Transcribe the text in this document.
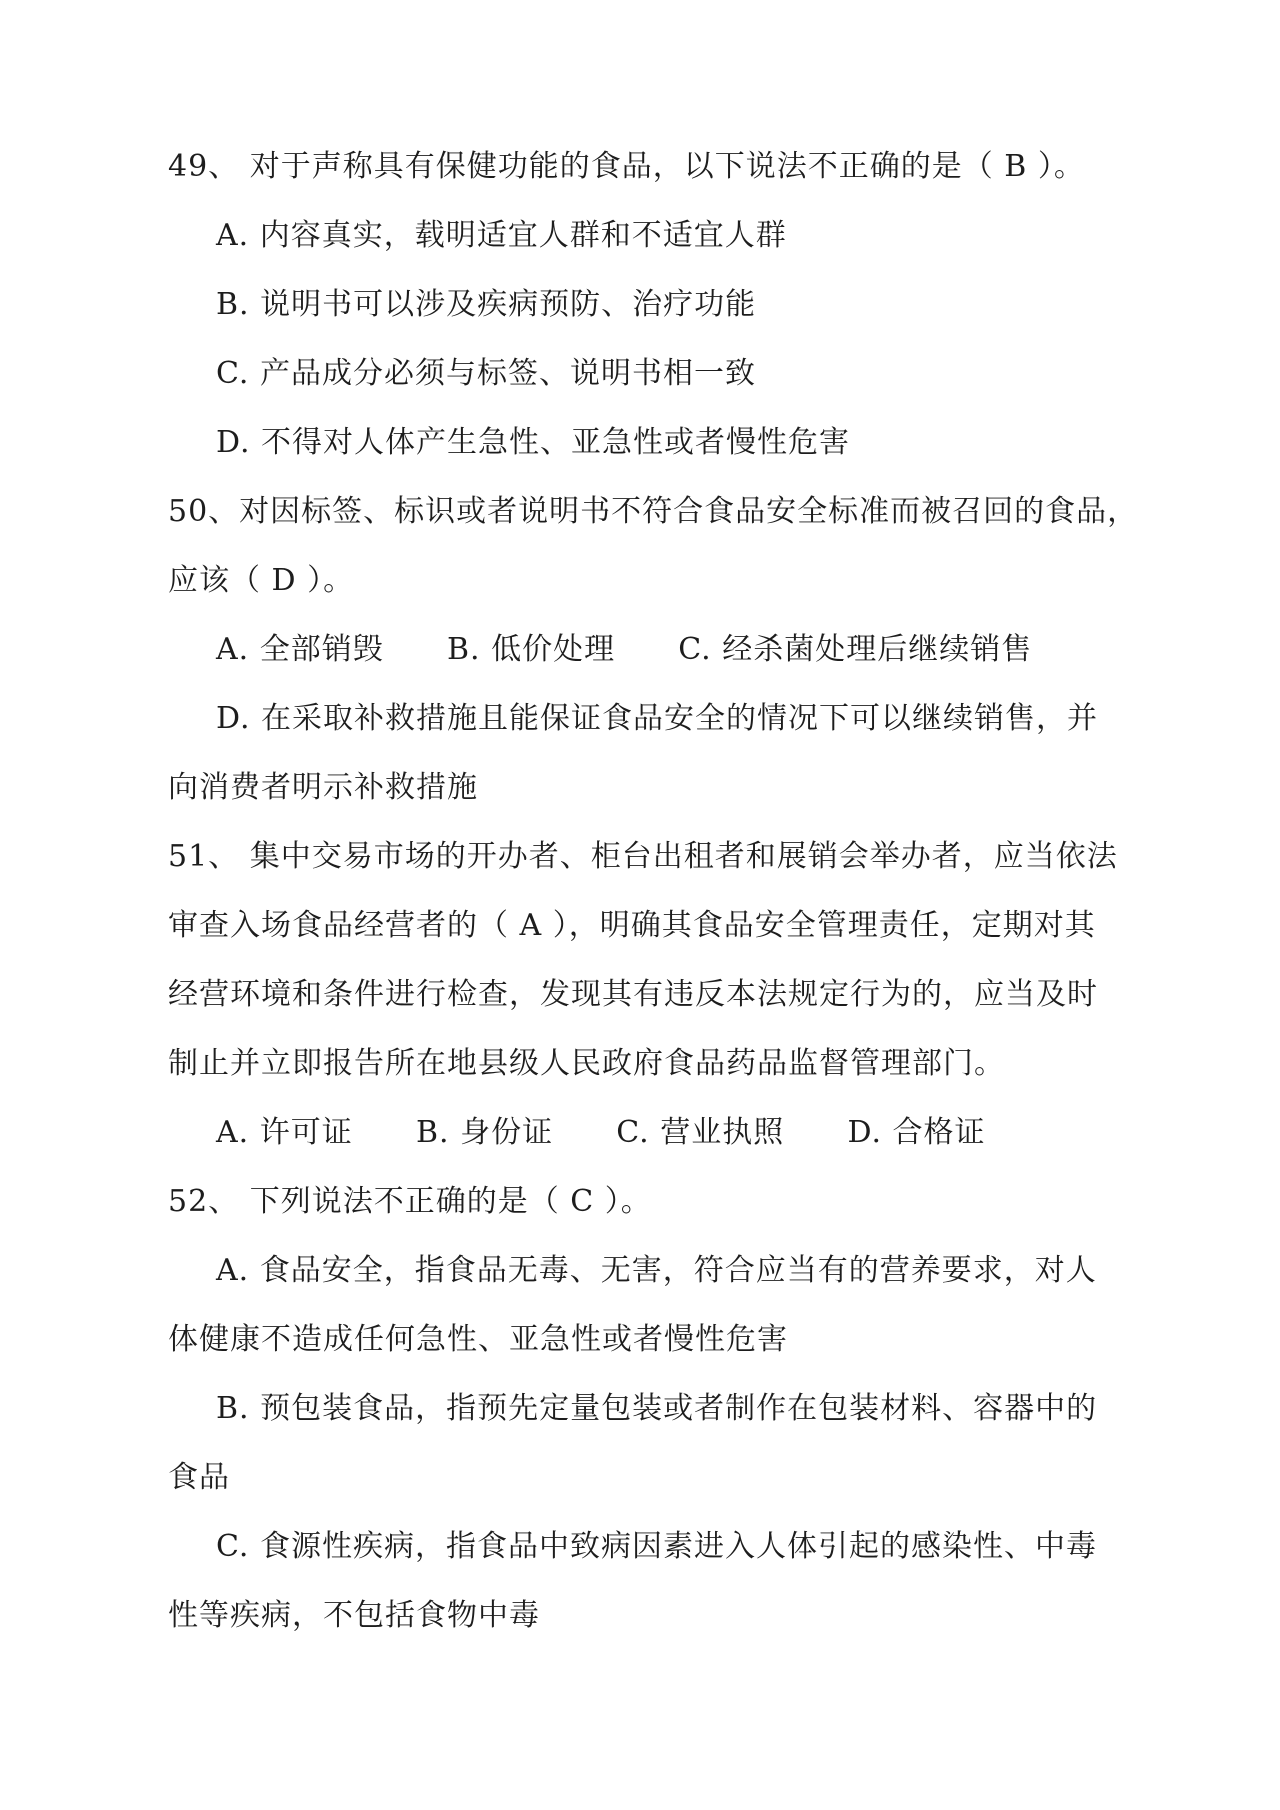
49、 对于声称具有保健功能的食品，以下说法不正确的是（ B ）。
A. 内容真实，载明适宜人群和不适宜人群
B. 说明书可以涉及疾病预防、治疗功能
C. 产品成分必须与标签、说明书相一致
D. 不得对人体产生急性、亚急性或者慢性危害
50、对因标签、标识或者说明书不符合食品安全标准而被召回的食品，
应该（ D ）。
A. 全部销毁      B. 低价处理      C. 经杀菌处理后继续销售
D. 在采取补救措施且能保证食品安全的情况下可以继续销售，并
向消费者明示补救措施
51、 集中交易市场的开办者、柜台出租者和展销会举办者，应当依法
审查入场食品经营者的（ A ），明确其食品安全管理责任，定期对其
经营环境和条件进行检查，发现其有违反本法规定行为的，应当及时
制止并立即报告所在地县级人民政府食品药品监督管理部门。
A. 许可证      B. 身份证      C. 营业执照      D. 合格证
52、 下列说法不正确的是（ C ）。
A. 食品安全，指食品无毒、无害，符合应当有的营养要求，对人
体健康不造成任何急性、亚急性或者慢性危害
B. 预包装食品，指预先定量包装或者制作在包装材料、容器中的
食品
C. 食源性疾病，指食品中致病因素进入人体引起的感染性、中毒
性等疾病，不包括食物中毒
